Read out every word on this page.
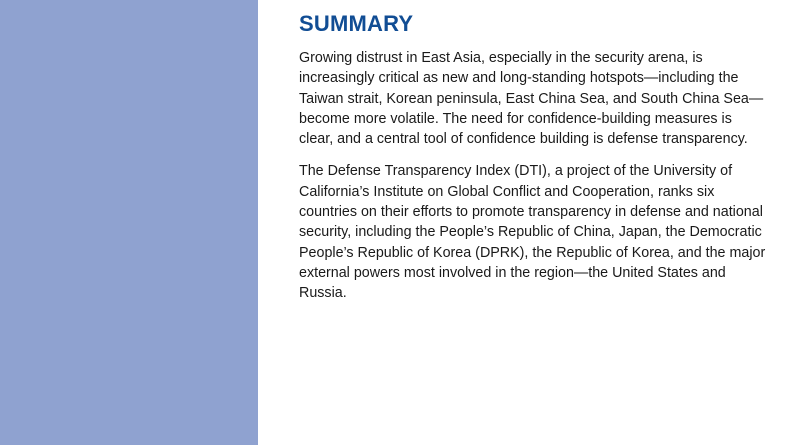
SUMMARY

Growing distrust in East Asia, especially in the security arena, is increasingly critical as new and long-standing hotspots—including the Taiwan strait, Korean peninsula, East China Sea, and South China Sea—become more volatile. The need for confidence-building measures is clear, and a central tool of confidence building is defense transparency.

The Defense Transparency Index (DTI), a project of the University of California’s Institute on Global Conflict and Cooperation, ranks six countries on their efforts to promote transparency in defense and national security, including the People’s Republic of China, Japan, the Democratic People’s Republic of Korea (DPRK), the Republic of Korea, and the major external powers most involved in the region—the United States and Russia.
